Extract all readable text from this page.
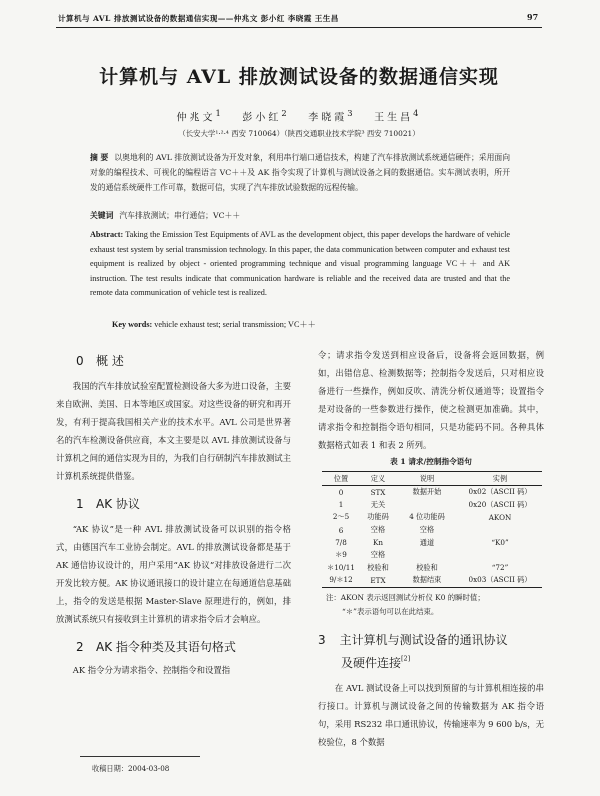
计算机与 AVL 排放测试设备的数据通信实现——仲兆文 彭小红 李晓霞 王生昌	97
计算机与 AVL 排放测试设备的数据通信实现
仲兆文$^1$ 彭小红$^2$ 李晓霞$^3$ 王生昌$^4$
（长安大学¹·²·⁴ 西安 710064）（陕西交通职业技术学院³ 西安 710021）
摘 要 以奥地利的 AVL 排放测试设备为开发对象，利用串行端口通信技术，构建了汽车排放测试系统通信硬件；采用面向对象的编程技术、可视化的编程语言 VC＋＋及 AK 指令实现了计算机与测试设备之间的数据通信。实车测试表明，所开发的通信系统硬件工作可靠，数据可信，实现了汽车排放试验数据的远程传输。
关键词 汽车排放测试；串行通信；VC＋＋
Abstract: Taking the Emission Test Equipments of AVL as the development object, this paper develops the hardware of vehicle exhaust test system by serial transmission technology. In this paper, the data communication between computer and exhaust test equipment is realized by object - oriented programming technique and visual programming language VC＋＋ and AK instruction. The test results indicate that communication hardware is reliable and the received data are trusted and that the remote data communication of vehicle test is realized.
Key words: vehicle exhaust test; serial transmission; VC＋＋
0 概 述
我国的汽车排放试验室配置检测设备大多为进口设备，主要来自欧洲、美国、日本等地区或国家。对这些设备的研究和再开发，有利于提高我国相关产业的技术水平。AVL 公司是世界著名的汽车检测设备供应商，本文主要是以 AVL 排放测试设备与计算机之间的通信实现为目的，为我们自行研制汽车排放测试主计算机系统提供借鉴。
1 AK 协议
“AK 协议”是一种 AVL 排放测试设备可以识别的指令格式，由德国汽车工业协会制定。AVL 的排放测试设备都是基于 AK 通信协议设计的，用户采用“AK 协议”对排放设备进行二次开发比较方便。AK 协议通讯接口的设计建立在每通道信息基础上，指令的发送是根据 Master-Slave 原理进行的，例如，排放测试系统只有接收到主计算机的请求指令后才会响应。
2 AK 指令种类及其语句格式
AK 指令分为请求指令、控制指令和设置指
收稿日期：2004-03-08
令；请求指令发送到相应设备后，设备将会返回数据，例如，出错信息、检测数据等；控制指令发送后，只对相应设备进行一些操作，例如反吹、清洗分析仪通道等；设置指令是对设备的一些参数进行操作，使之检测更加准确。其中，请求指令和控制指令语句相同，只是功能码不同。各种具体数据格式如表 1 和表 2 所列。
表 1 请求/控制指令语句
位置	定义	说明	实例
0	STX	数据开始	0x02（ASCII 码）
1	无关		0x20（ASCII 码）
2～5	功能码	4 位功能码	AKON
6	空格	空格	
7/8	Kn	通道	“K0”
＊9	空格		
＊10/11	校验和	校验和	“72”
9/＊12	ETX	数据结束	0x03（ASCII 码）
注：AKON 表示返回测试分析仪 K0 的瞬时值；
“＊”表示语句可以在此结束。
3 主计算机与测试设备的通讯协议
及硬件连接[2]
在 AVL 测试设备上可以找到预留的与计算机相连接的串行接口。计算机与测试设备之间的传输数据为 AK 指令语句，采用 RS232 串口通讯协议，传输速率为 9 600 b/s，无校验位，8 个数据
